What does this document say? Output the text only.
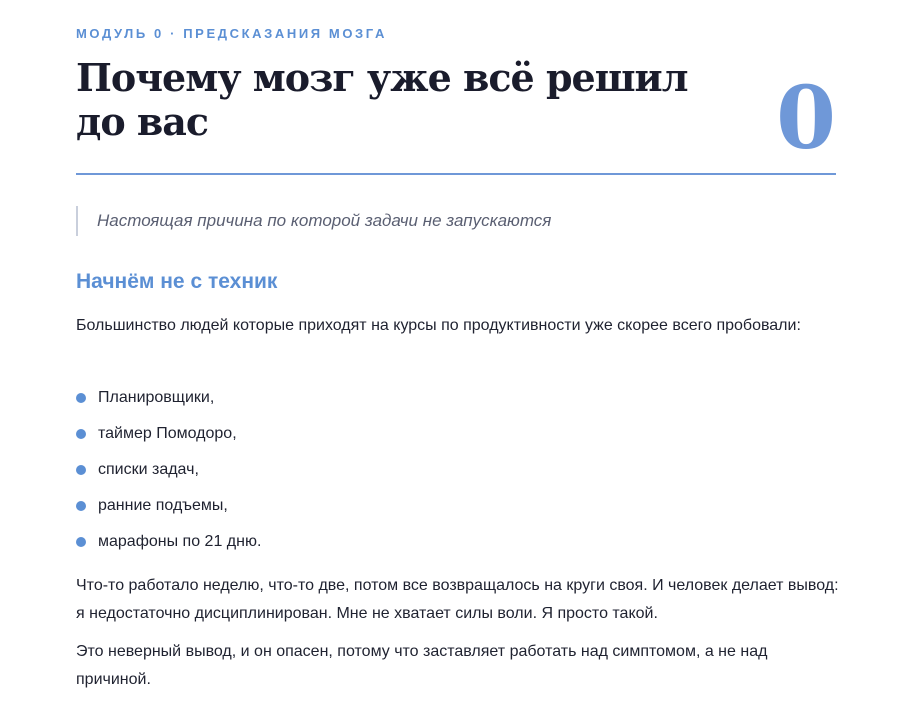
МОДУЛЬ 0 · ПРЕДСКАЗАНИЯ МОЗГА
Почему мозг уже всё решил до вас	0
Настоящая причина по которой задачи не запускаются
Начнём не с техник

Большинство людей которые приходят на курсы по продуктивности уже скорее всего пробовали:

Планировщики,
таймер Помодоро,
списки задач,
ранние подъемы,
марафоны по 21 дню.

Что-то работало неделю, что-то две, потом все возвращалось на круги своя. И человек делает вывод: я недостаточно дисциплинирован. Мне не хватает силы воли. Я просто такой.

Это неверный вывод, и он опасен, потому что заставляет работать над симптомом, а не над причиной.
